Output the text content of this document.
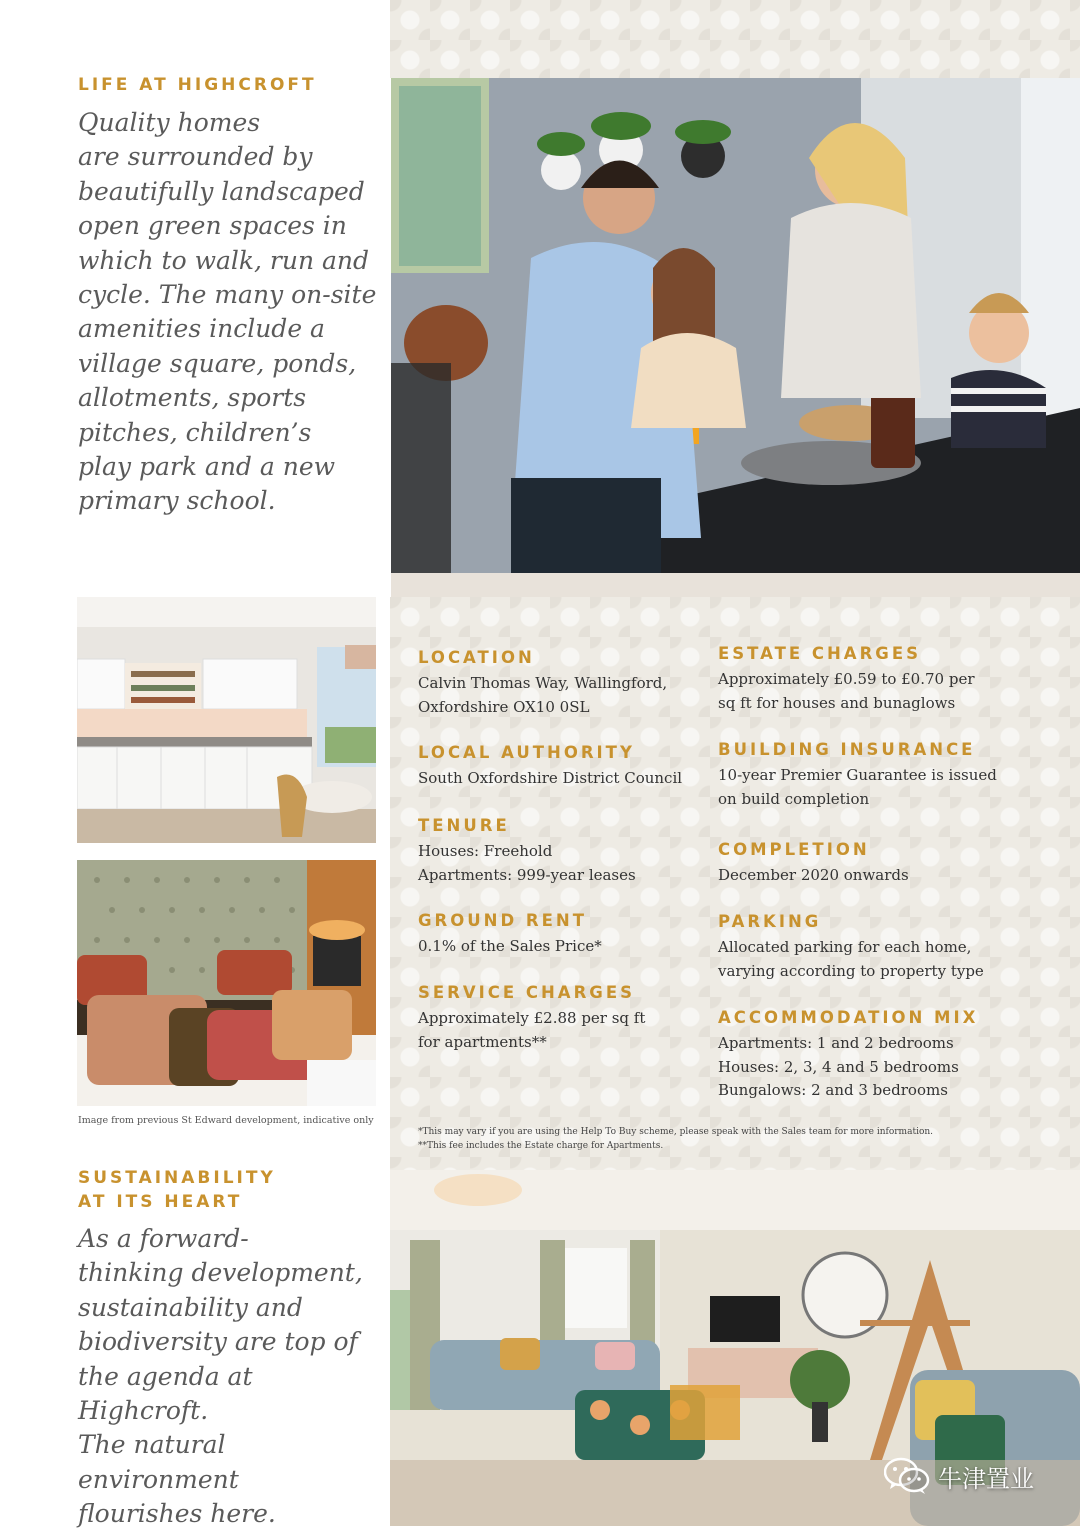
LIFE AT HIGHCROFT

Quality homes

are surrounded by

beautifully landscaped

open green spaces in

which to walk, run and

cycle. The many on-site

amenities include a

village square, ponds,

allotments, sports

pitches, children’s

play park and a new

primary school.

Image from previous St Edward development, indicative only

LOCATION

Calvin Thomas Way, Wallingford,

Oxfordshire OX10 0SL

LOCAL AUTHORITY

South Oxfordshire District Council

TENURE

Houses: Freehold

Apartments: 999-year leases

GROUND RENT

0.1% of the Sales Price*

SERVICE CHARGES

Approximately £2.88 per sq ft

for apartments**

ESTATE CHARGES

Approximately £0.59 to £0.70 per

sq ft for houses and bunaglows

BUILDING INSURANCE

10-year Premier Guarantee is issued

on build completion

COMPLETION

December 2020 onwards

PARKING

Allocated parking for each home,

varying according to property type

ACCOMMODATION MIX

Apartments: 1 and 2 bedrooms

Houses: 2, 3, 4 and 5 bedrooms

Bungalows: 2 and 3 bedrooms

*This may vary if you are using the Help To Buy scheme, please speak with the Sales team for more information.

**This fee includes the Estate charge for Apartments.

SUSTAINABILITY
AT ITS HEART

As a forward-

thinking development,

sustainability and

biodiversity are top of

the agenda at Highcroft.

The natural environment

flourishes here.

牛津置业
